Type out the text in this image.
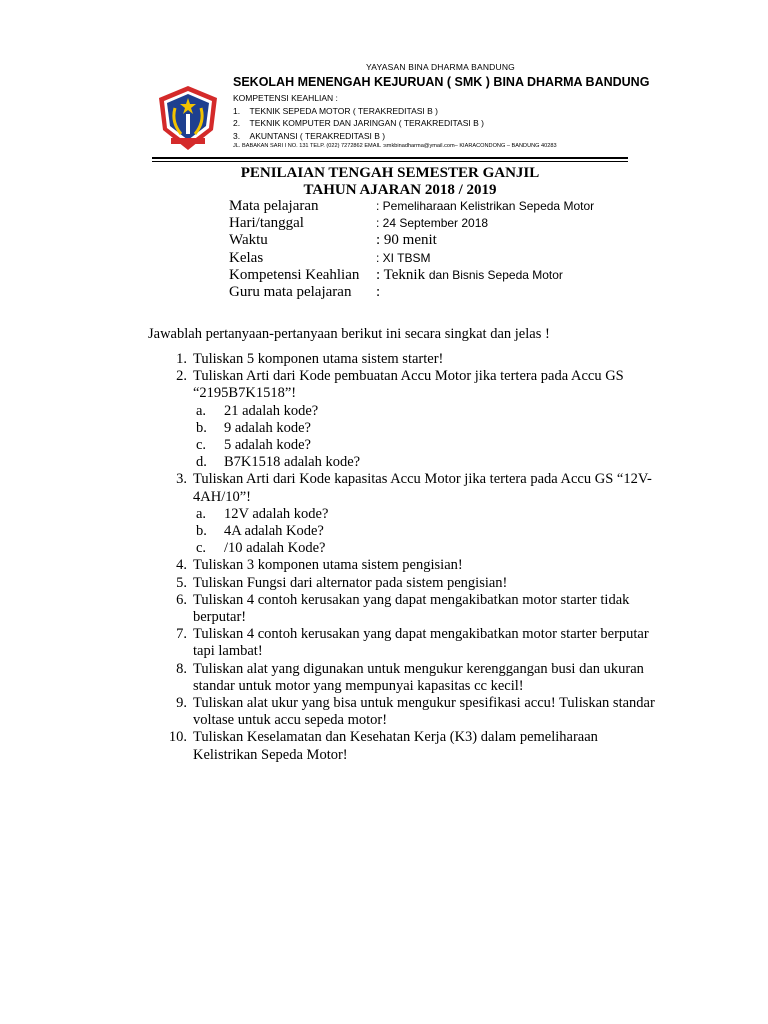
YAYASAN BINA DHARMA BANDUNG
SEKOLAH MENENGAH KEJURUAN ( SMK ) BINA DHARMA BANDUNG
KOMPETENSI KEAHLIAN :
1.    TEKNIK SEPEDA MOTOR ( TERAKREDITASI B )
2.    TEKNIK KOMPUTER DAN JARINGAN ( TERAKREDITASI B )
3.    AKUNTANSI ( TERAKREDITASI B )
JL. BABAKAN SARI I NO. 131 TELP. (022) 7272862 EMAIL :smkbinadharma@ymail.com– KIARACONDONG – BANDUNG 40283
PENILAIAN TENGAH SEMESTER GANJIL
TAHUN AJARAN 2018 / 2019
Mata pelajaran	: Pemeliharaan Kelistrikan Sepeda Motor
Hari/tanggal	: 24 September 2018
Waktu	: 90 menit
Kelas	: XI TBSM
Kompetensi Keahlian : Teknik dan Bisnis Sepeda Motor
Guru mata pelajaran :
Jawablah pertanyaan-pertanyaan berikut ini secara singkat dan jelas !
1. Tuliskan 5 komponen utama sistem starter!
2. Tuliskan Arti dari Kode pembuatan Accu Motor jika tertera pada Accu GS “2195B7K1518”!
a. 21 adalah kode?
b. 9 adalah kode?
c. 5 adalah kode?
d. B7K1518 adalah kode?
3. Tuliskan Arti dari Kode kapasitas Accu Motor jika tertera pada Accu GS “12V-4AH/10”!
a. 12V adalah kode?
b. 4A adalah Kode?
c. /10 adalah Kode?
4. Tuliskan 3 komponen utama sistem pengisian!
5. Tuliskan Fungsi dari alternator pada sistem pengisian!
6. Tuliskan 4 contoh kerusakan yang dapat mengakibatkan motor starter tidak berputar!
7. Tuliskan 4 contoh kerusakan yang dapat mengakibatkan motor starter berputar tapi lambat!
8. Tuliskan alat yang digunakan untuk mengukur kerenggangan busi dan ukuran standar untuk motor yang mempunyai kapasitas cc kecil!
9. Tuliskan alat ukur yang bisa untuk mengukur spesifikasi accu! Tuliskan standar voltase untuk accu sepeda motor!
10. Tuliskan Keselamatan dan Kesehatan Kerja (K3) dalam pemeliharaan Kelistrikan Sepeda Motor!
